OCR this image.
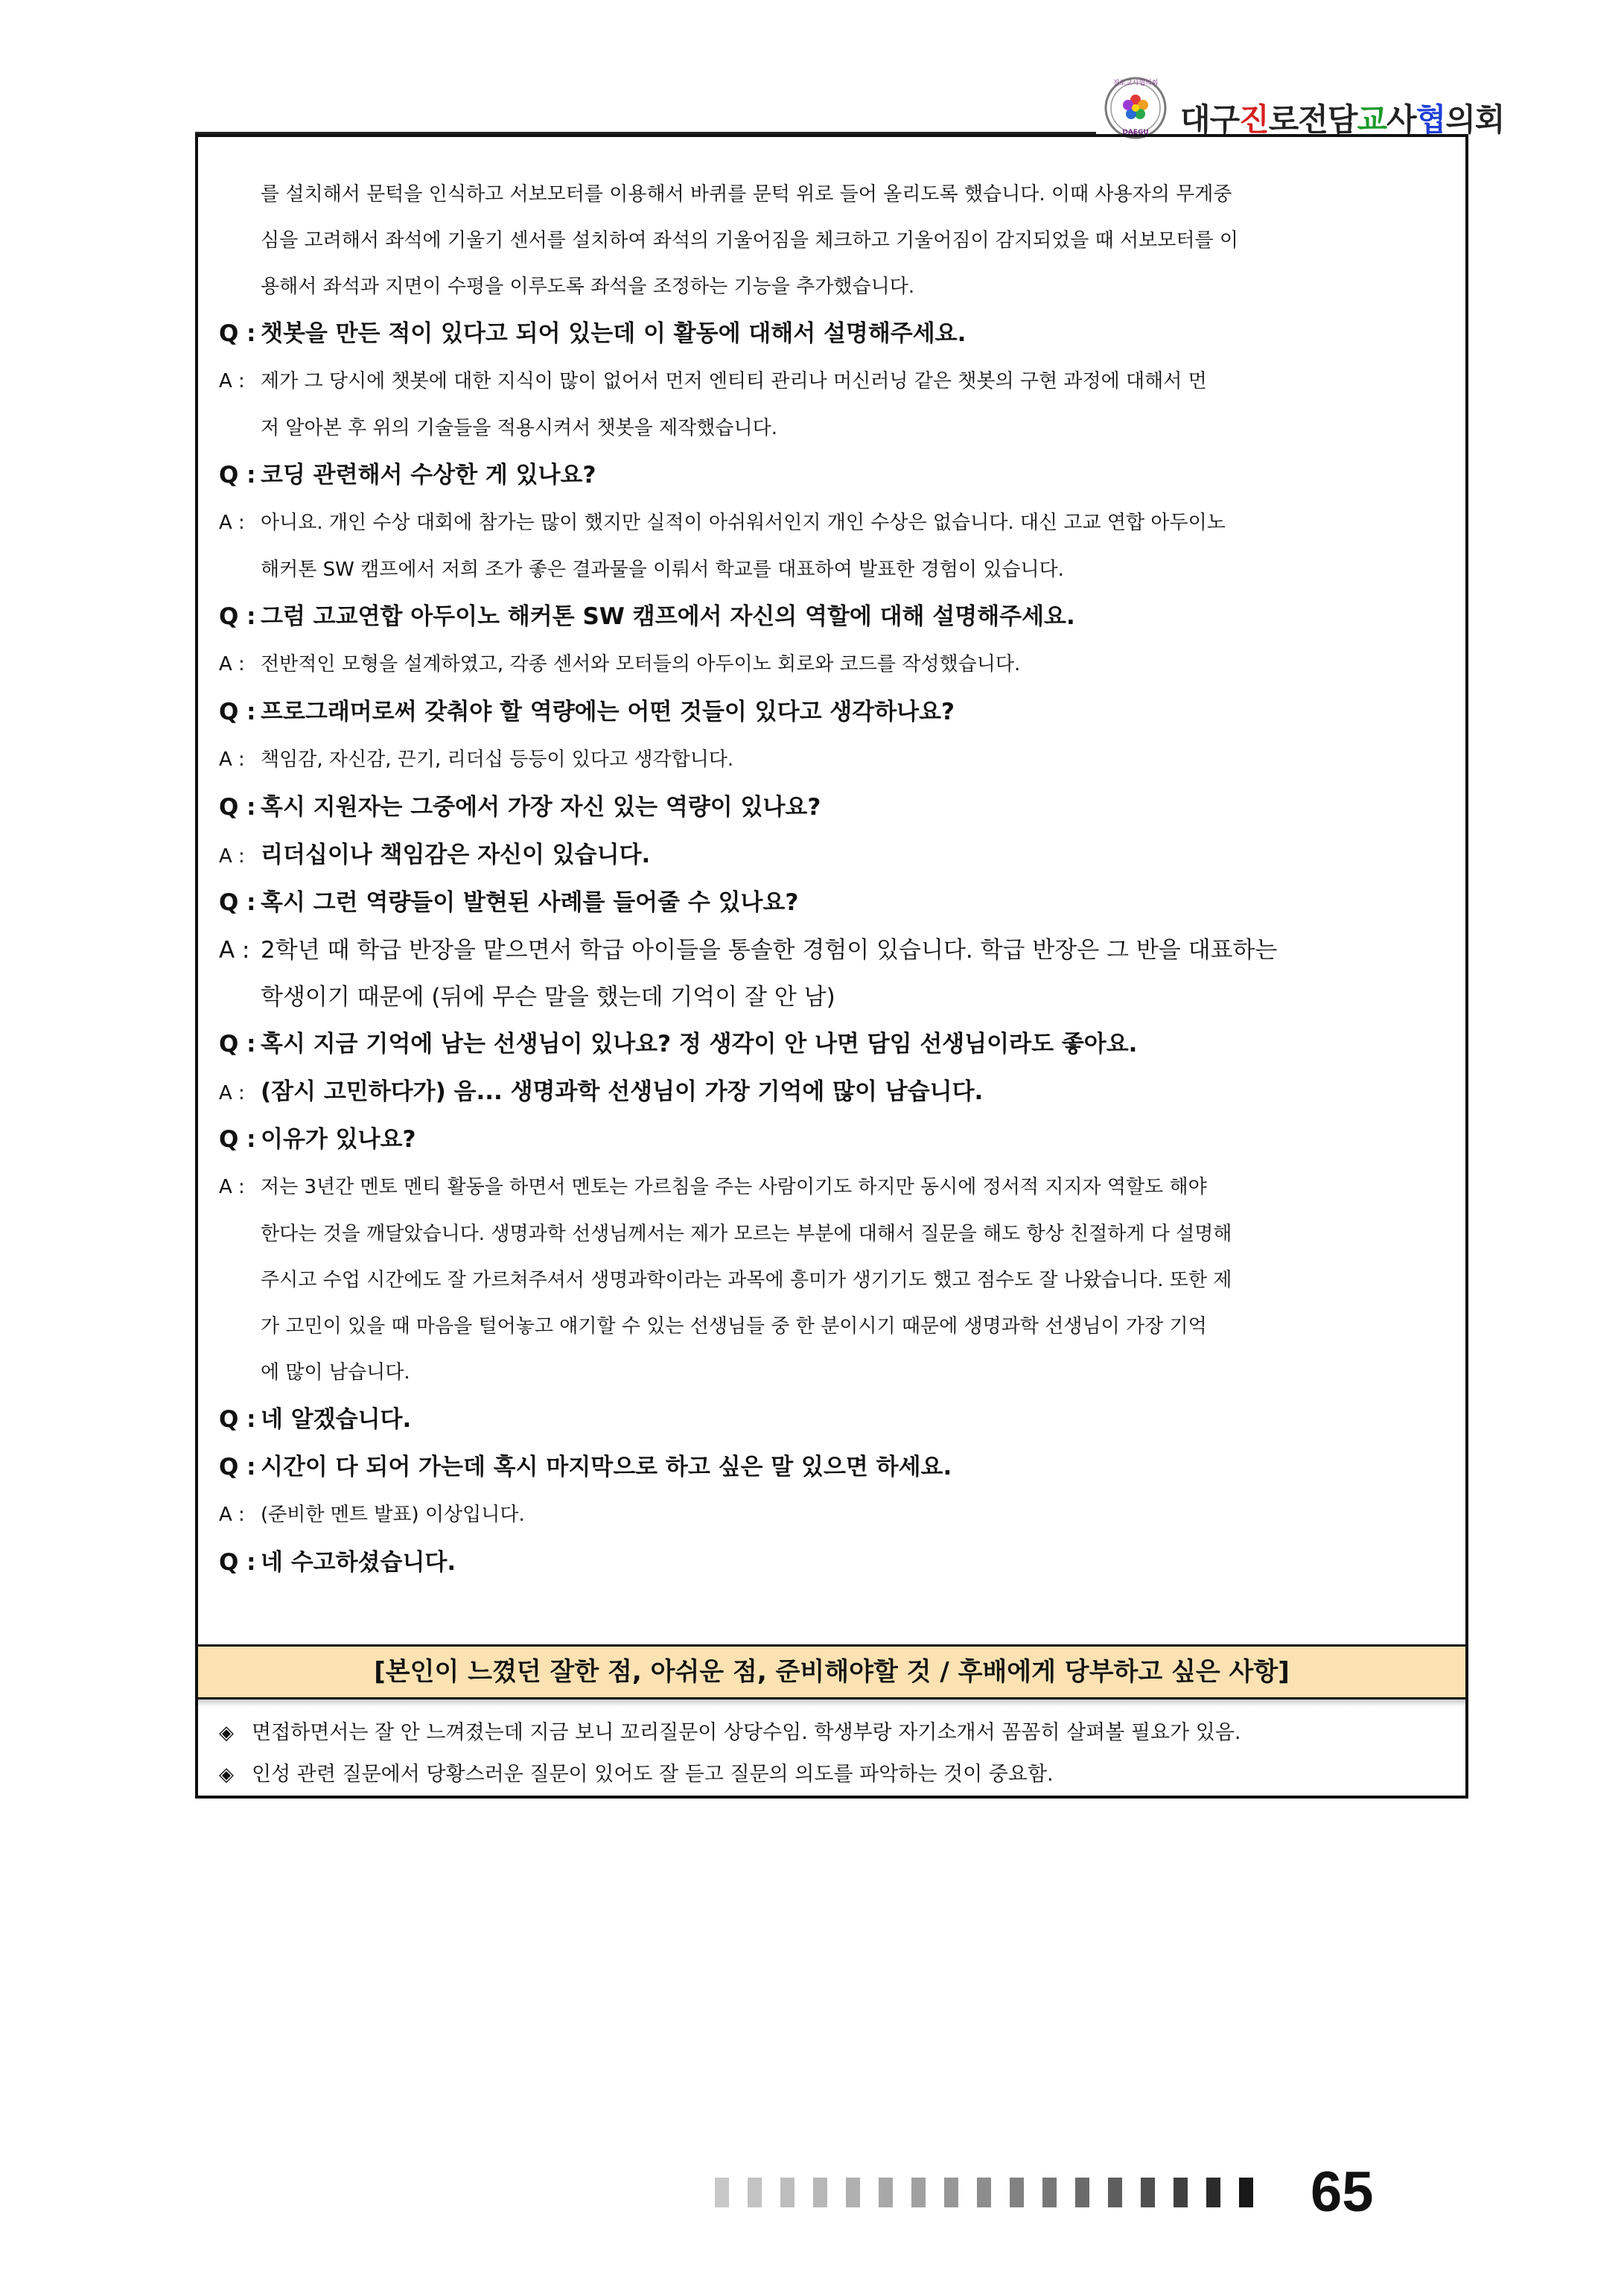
DAEGU
진로교사협의회
대구진로전담교사협의회
를 설치해서 문턱을 인식하고 서보모터를 이용해서 바퀴를 문턱 위로 들어 올리도록 했습니다. 이때 사용자의 무게중
심을 고려해서 좌석에 기울기 센서를 설치하여 좌석의 기울어짐을 체크하고 기울어짐이 감지되었을 때 서보모터를 이
용해서 좌석과 지면이 수평을 이루도록 좌석을 조정하는 기능을 추가했습니다.
Q : 챗봇을 만든 적이 있다고 되어 있는데 이 활동에 대해서 설명해주세요.
A : 제가 그 당시에 챗봇에 대한 지식이 많이 없어서 먼저 엔티티 관리나 머신러닝 같은 챗봇의 구현 과정에 대해서 먼
저 알아본 후 위의 기술들을 적용시켜서 챗봇을 제작했습니다.
Q : 코딩 관련해서 수상한 게 있나요?
A : 아니요. 개인 수상 대회에 참가는 많이 했지만 실적이 아쉬워서인지 개인 수상은 없습니다. 대신 고교 연합 아두이노
해커톤 SW 캠프에서 저희 조가 좋은 결과물을 이뤄서 학교를 대표하여 발표한 경험이 있습니다.
Q : 그럼 고교연합 아두이노 해커톤 SW 캠프에서 자신의 역할에 대해 설명해주세요.
A : 전반적인 모형을 설계하였고, 각종 센서와 모터들의 아두이노 회로와 코드를 작성했습니다.
Q : 프로그래머로써 갖춰야 할 역량에는 어떤 것들이 있다고 생각하나요?
A : 책임감, 자신감, 끈기, 리더십 등등이 있다고 생각합니다.
Q : 혹시 지원자는 그중에서 가장 자신 있는 역량이 있나요?
A : 리더십이나 책임감은 자신이 있습니다.
Q : 혹시 그런 역량들이 발현된 사례를 들어줄 수 있나요?
A : 2학년 때 학급 반장을 맡으면서 학급 아이들을 통솔한 경험이 있습니다. 학급 반장은 그 반을 대표하는
학생이기 때문에 (뒤에 무슨 말을 했는데 기억이 잘 안 남)
Q : 혹시 지금 기억에 남는 선생님이 있나요? 정 생각이 안 나면 담임 선생님이라도 좋아요.
A : (잠시 고민하다가) 음... 생명과학 선생님이 가장 기억에 많이 남습니다.
Q : 이유가 있나요?
A : 저는 3년간 멘토 멘티 활동을 하면서 멘토는 가르침을 주는 사람이기도 하지만 동시에 정서적 지지자 역할도 해야
한다는 것을 깨달았습니다. 생명과학 선생님께서는 제가 모르는 부분에 대해서 질문을 해도 항상 친절하게 다 설명해
주시고 수업 시간에도 잘 가르쳐주셔서 생명과학이라는 과목에 흥미가 생기기도 했고 점수도 잘 나왔습니다. 또한 제
가 고민이 있을 때 마음을 털어놓고 얘기할 수 있는 선생님들 중 한 분이시기 때문에 생명과학 선생님이 가장 기억
에 많이 남습니다.
Q : 네 알겠습니다.
Q : 시간이 다 되어 가는데 혹시 마지막으로 하고 싶은 말 있으면 하세요.
A : (준비한 멘트 발표) 이상입니다.
Q : 네 수고하셨습니다.
[본인이 느꼈던 잘한 점, 아쉬운 점, 준비해야할 것 / 후배에게 당부하고 싶은 사항]
◈ 면접하면서는 잘 안 느껴졌는데 지금 보니 꼬리질문이 상당수임. 학생부랑 자기소개서 꼼꼼히 살펴볼 필요가 있음.
◈ 인성 관련 질문에서 당황스러운 질문이 있어도 잘 듣고 질문의 의도를 파악하는 것이 중요함.
65
